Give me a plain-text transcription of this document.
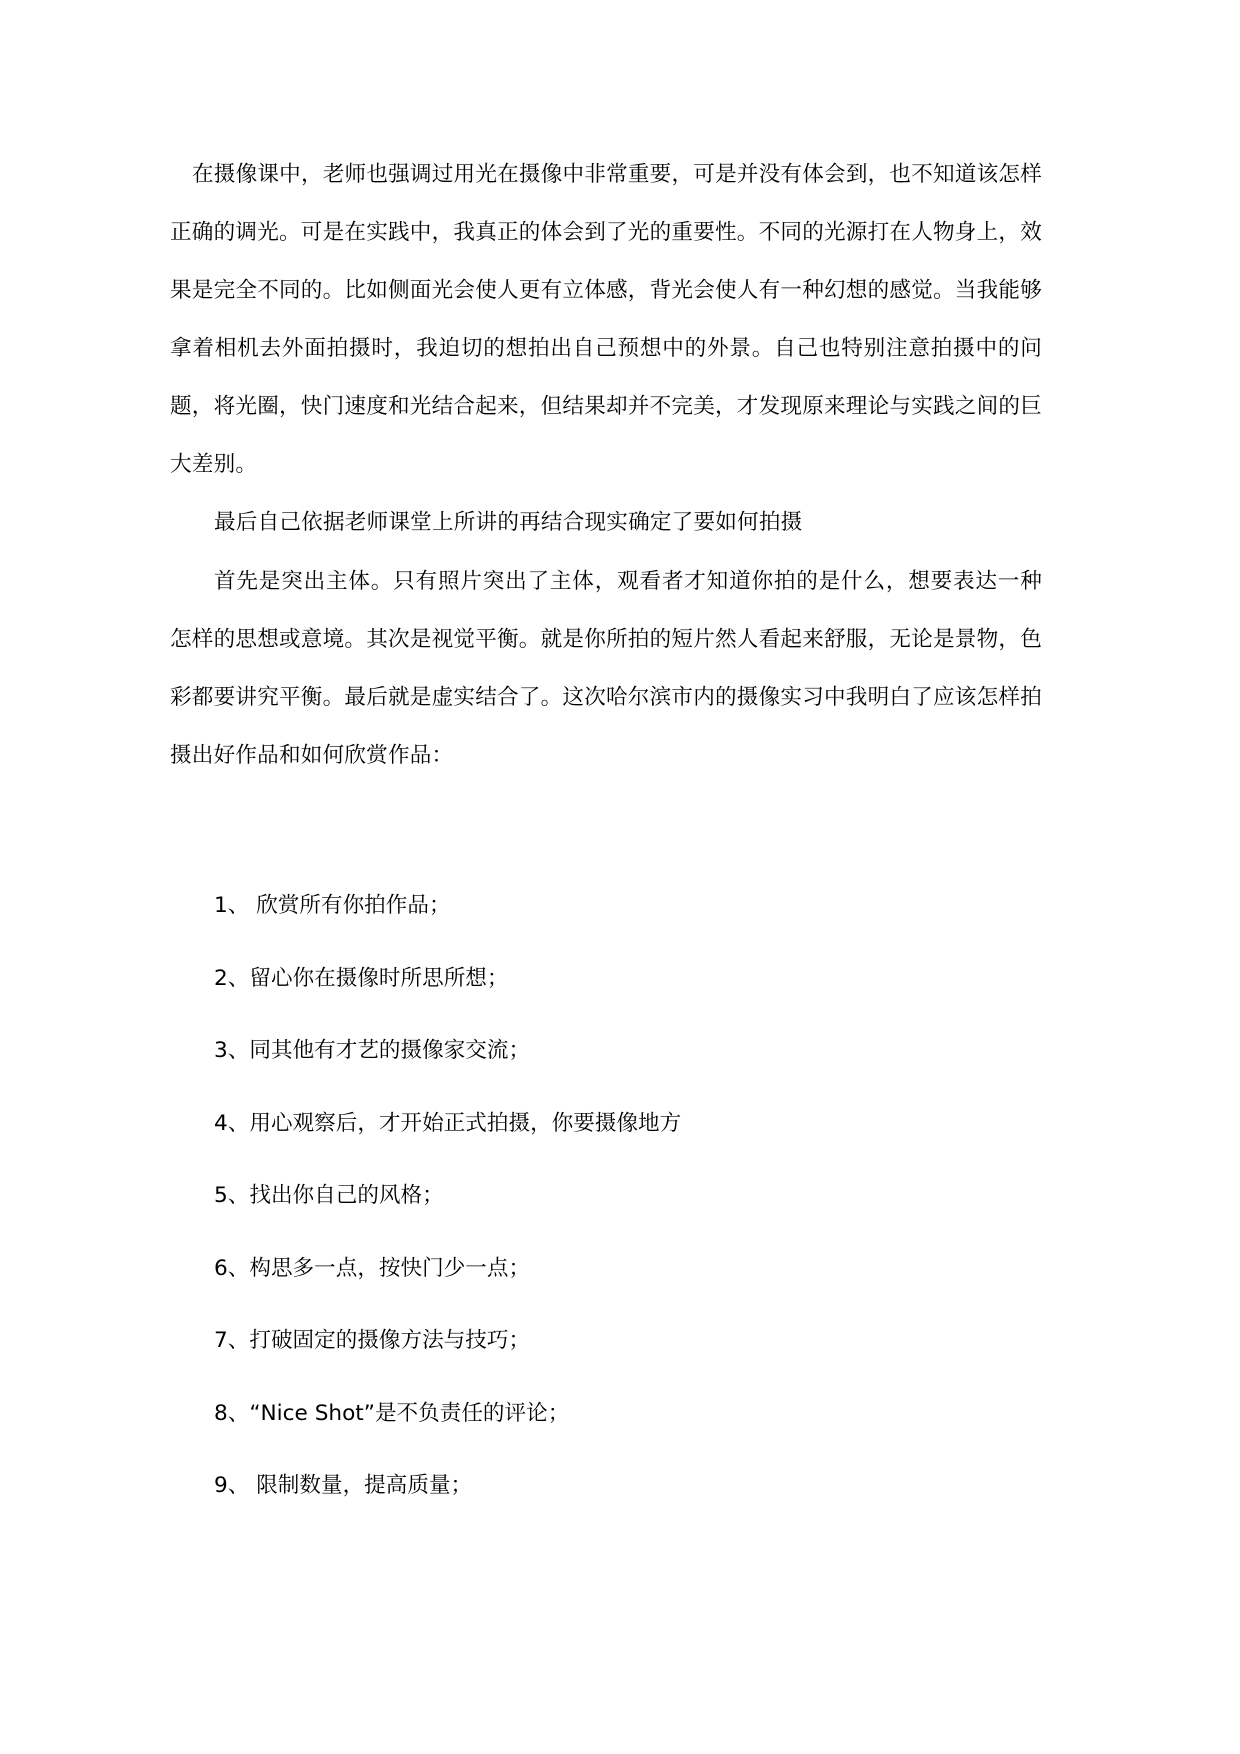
在摄像课中，老师也强调过用光在摄像中非常重要，可是并没有体会到，也不知道该怎样正确的调光。可是在实践中，我真正的体会到了光的重要性。不同的光源打在人物身上，效果是完全不同的。比如侧面光会使人更有立体感，背光会使人有一种幻想的感觉。当我能够拿着相机去外面拍摄时，我迫切的想拍出自己预想中的外景。自己也特别注意拍摄中的问题，将光圈，快门速度和光结合起来，但结果却并不完美，才发现原来理论与实践之间的巨大差别。

最后自己依据老师课堂上所讲的再结合现实确定了要如何拍摄

首先是突出主体。只有照片突出了主体，观看者才知道你拍的是什么，想要表达一种怎样的思想或意境。其次是视觉平衡。就是你所拍的短片然人看起来舒服，无论是景物，色彩都要讲究平衡。最后就是虚实结合了。这次哈尔滨市内的摄像实习中我明白了应该怎样拍摄出好作品和如何欣赏作品：

1、 欣赏所有你拍作品；
2、留心你在摄像时所思所想；
3、同其他有才艺的摄像家交流；
4、用心观察后，才开始正式拍摄，你要摄像地方
5、找出你自己的风格；
6、构思多一点，按快门少一点；
7、打破固定的摄像方法与技巧；
8、“Nice Shot”是不负责任的评论；
9、 限制数量，提高质量；
